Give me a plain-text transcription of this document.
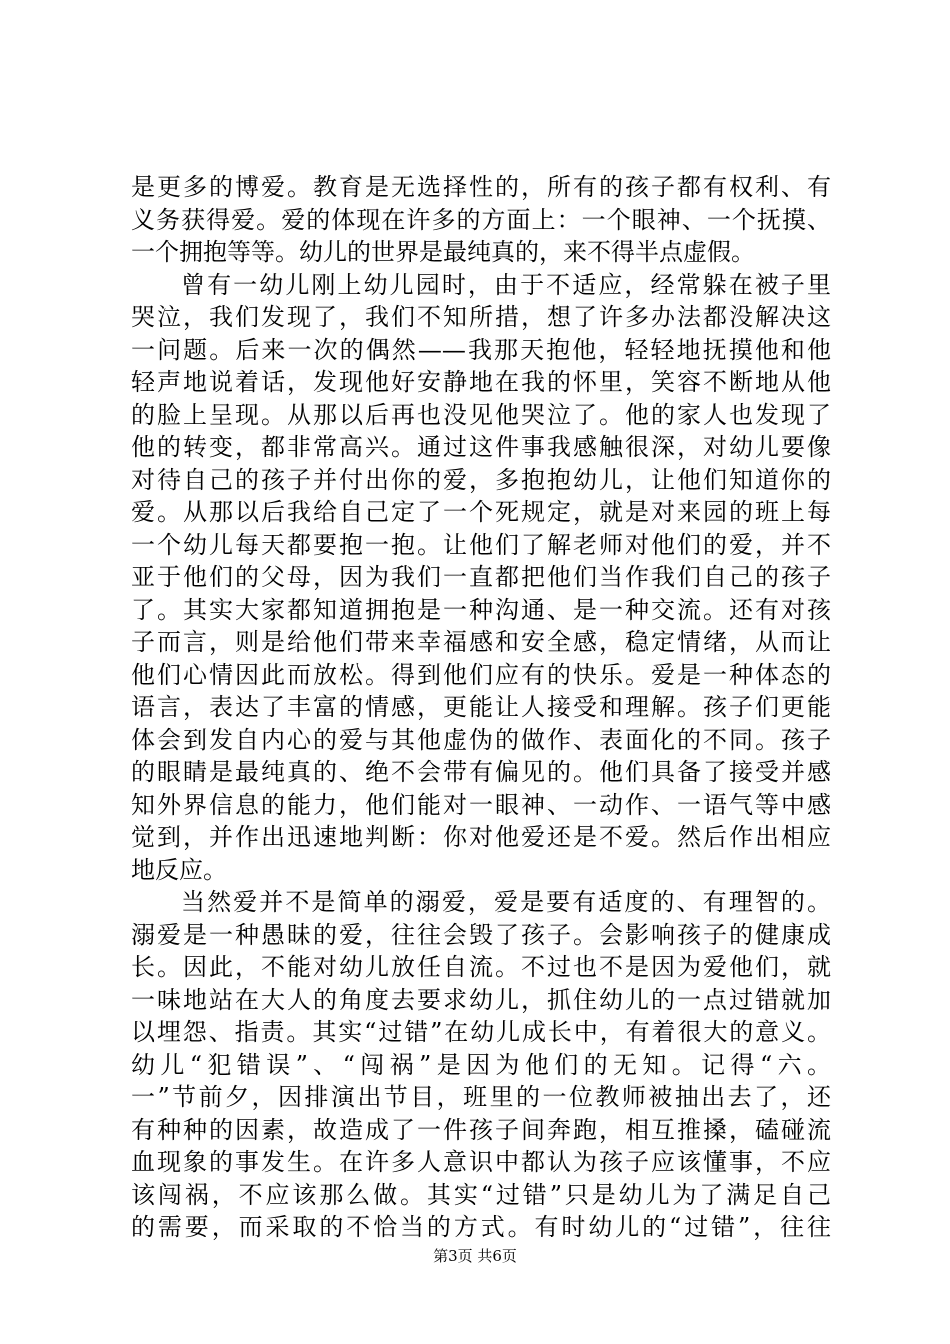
是更多的博爱。教育是无选择性的，所有的孩子都有权利、有
义务获得爱。爱的体现在许多的方面上：一个眼神、一个抚摸、
一个拥抱等等。幼儿的世界是最纯真的，来不得半点虚假。
曾有一幼儿刚上幼儿园时，由于不适应，经常躲在被子里
哭泣，我们发现了，我们不知所措，想了许多办法都没解决这
一问题。后来一次的偶然——我那天抱他，轻轻地抚摸他和他
轻声地说着话，发现他好安静地在我的怀里，笑容不断地从他
的脸上呈现。从那以后再也没见他哭泣了。他的家人也发现了
他的转变，都非常高兴。通过这件事我感触很深，对幼儿要像
对待自己的孩子并付出你的爱，多抱抱幼儿，让他们知道你的
爱。从那以后我给自己定了一个死规定，就是对来园的班上每
一个幼儿每天都要抱一抱。让他们了解老师对他们的爱，并不
亚于他们的父母，因为我们一直都把他们当作我们自己的孩子
了。其实大家都知道拥抱是一种沟通、是一种交流。还有对孩
子而言，则是给他们带来幸福感和安全感，稳定情绪，从而让
他们心情因此而放松。得到他们应有的快乐。爱是一种体态的
语言，表达了丰富的情感，更能让人接受和理解。孩子们更能
体会到发自内心的爱与其他虚伪的做作、表面化的不同。孩子
的眼睛是最纯真的、绝不会带有偏见的。他们具备了接受并感
知外界信息的能力，他们能对一眼神、一动作、一语气等中感
觉到，并作出迅速地判断：你对他爱还是不爱。然后作出相应
地反应。
当然爱并不是简单的溺爱，爱是要有适度的、有理智的。
溺爱是一种愚昧的爱，往往会毁了孩子。会影响孩子的健康成
长。因此，不能对幼儿放任自流。不过也不是因为爱他们，就
一味地站在大人的角度去要求幼儿，抓住幼儿的一点过错就加
以埋怨、指责。其实“过错”在幼儿成长中，有着很大的意义。
幼儿“犯错误”、“闯祸”是因为他们的无知。记得“六。
一”节前夕，因排演出节目，班里的一位教师被抽出去了，还
有种种的因素，故造成了一件孩子间奔跑，相互推搡，磕碰流
血现象的事发生。在许多人意识中都认为孩子应该懂事，不应
该闯祸，不应该那么做。其实“过错”只是幼儿为了满足自己
的需要，而采取的不恰当的方式。有时幼儿的“过错”，往往
第3页 共6页
